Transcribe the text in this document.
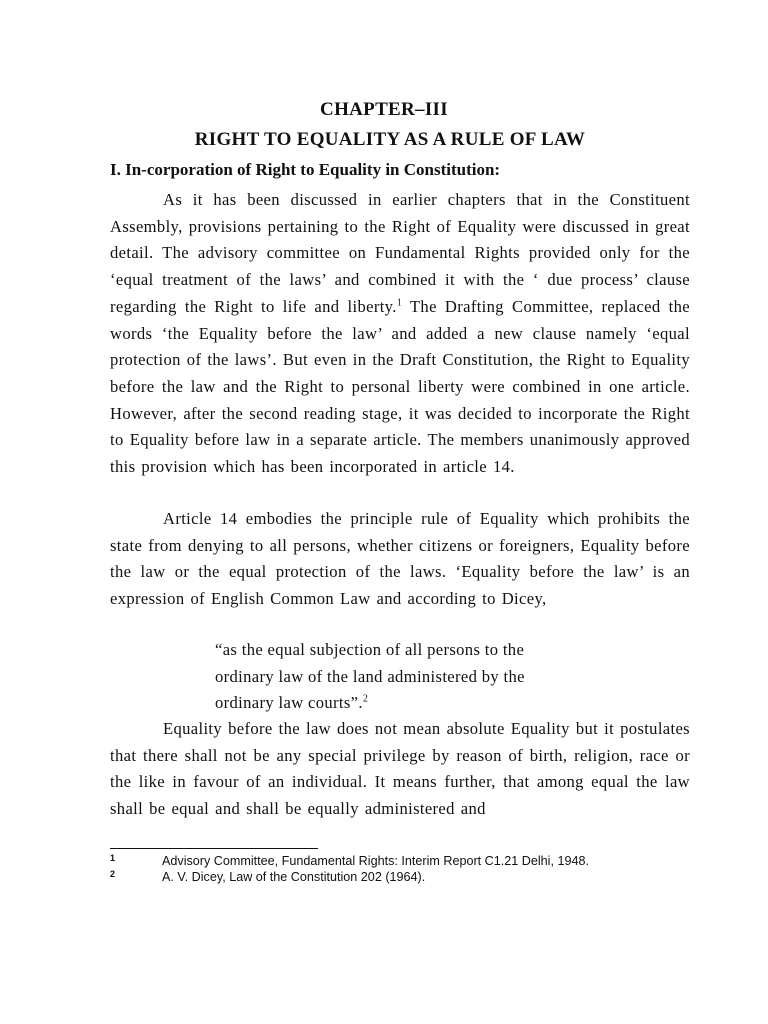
CHAPTER–III
RIGHT TO EQUALITY AS A RULE OF LAW
I. In-corporation of Right to Equality in Constitution:

As it has been discussed in earlier chapters that in the Constituent Assembly, provisions pertaining to the Right of Equality were discussed in great detail. The advisory committee on Fundamental Rights provided only for the ‘equal treatment of the laws’ and combined it with the ‘ due process’ clause regarding the Right to life and liberty.$^1$ The Drafting Committee, replaced the words ‘the Equality before the law’ and added a new clause namely ‘equal protection of the laws’. But even in the Draft Constitution, the Right to Equality before the law and the Right to personal liberty were combined in one article. However, after the second reading stage, it was decided to incorporate the Right to Equality before law in a separate article. The members unanimously approved this provision which has been incorporated in article 14.

Article 14 embodies the principle rule of Equality which prohibits the state from denying to all persons, whether citizens or foreigners, Equality before the law or the equal protection of the laws. ‘Equality before the law’ is an expression of English Common Law and according to Dicey,

“as the equal subjection of all persons to the
ordinary law of the land administered by the
ordinary law courts”.$^2$

Equality before the law does not mean absolute Equality but it postulates that there shall not be any special privilege by reason of birth, religion, race or the like in favour of an individual. It means further, that among equal the law shall be equal and shall be equally administered and

1	Advisory Committee, Fundamental Rights: Interim Report C1.21 Delhi, 1948.
2	A. V. Dicey, Law of the Constitution 202 (1964).
